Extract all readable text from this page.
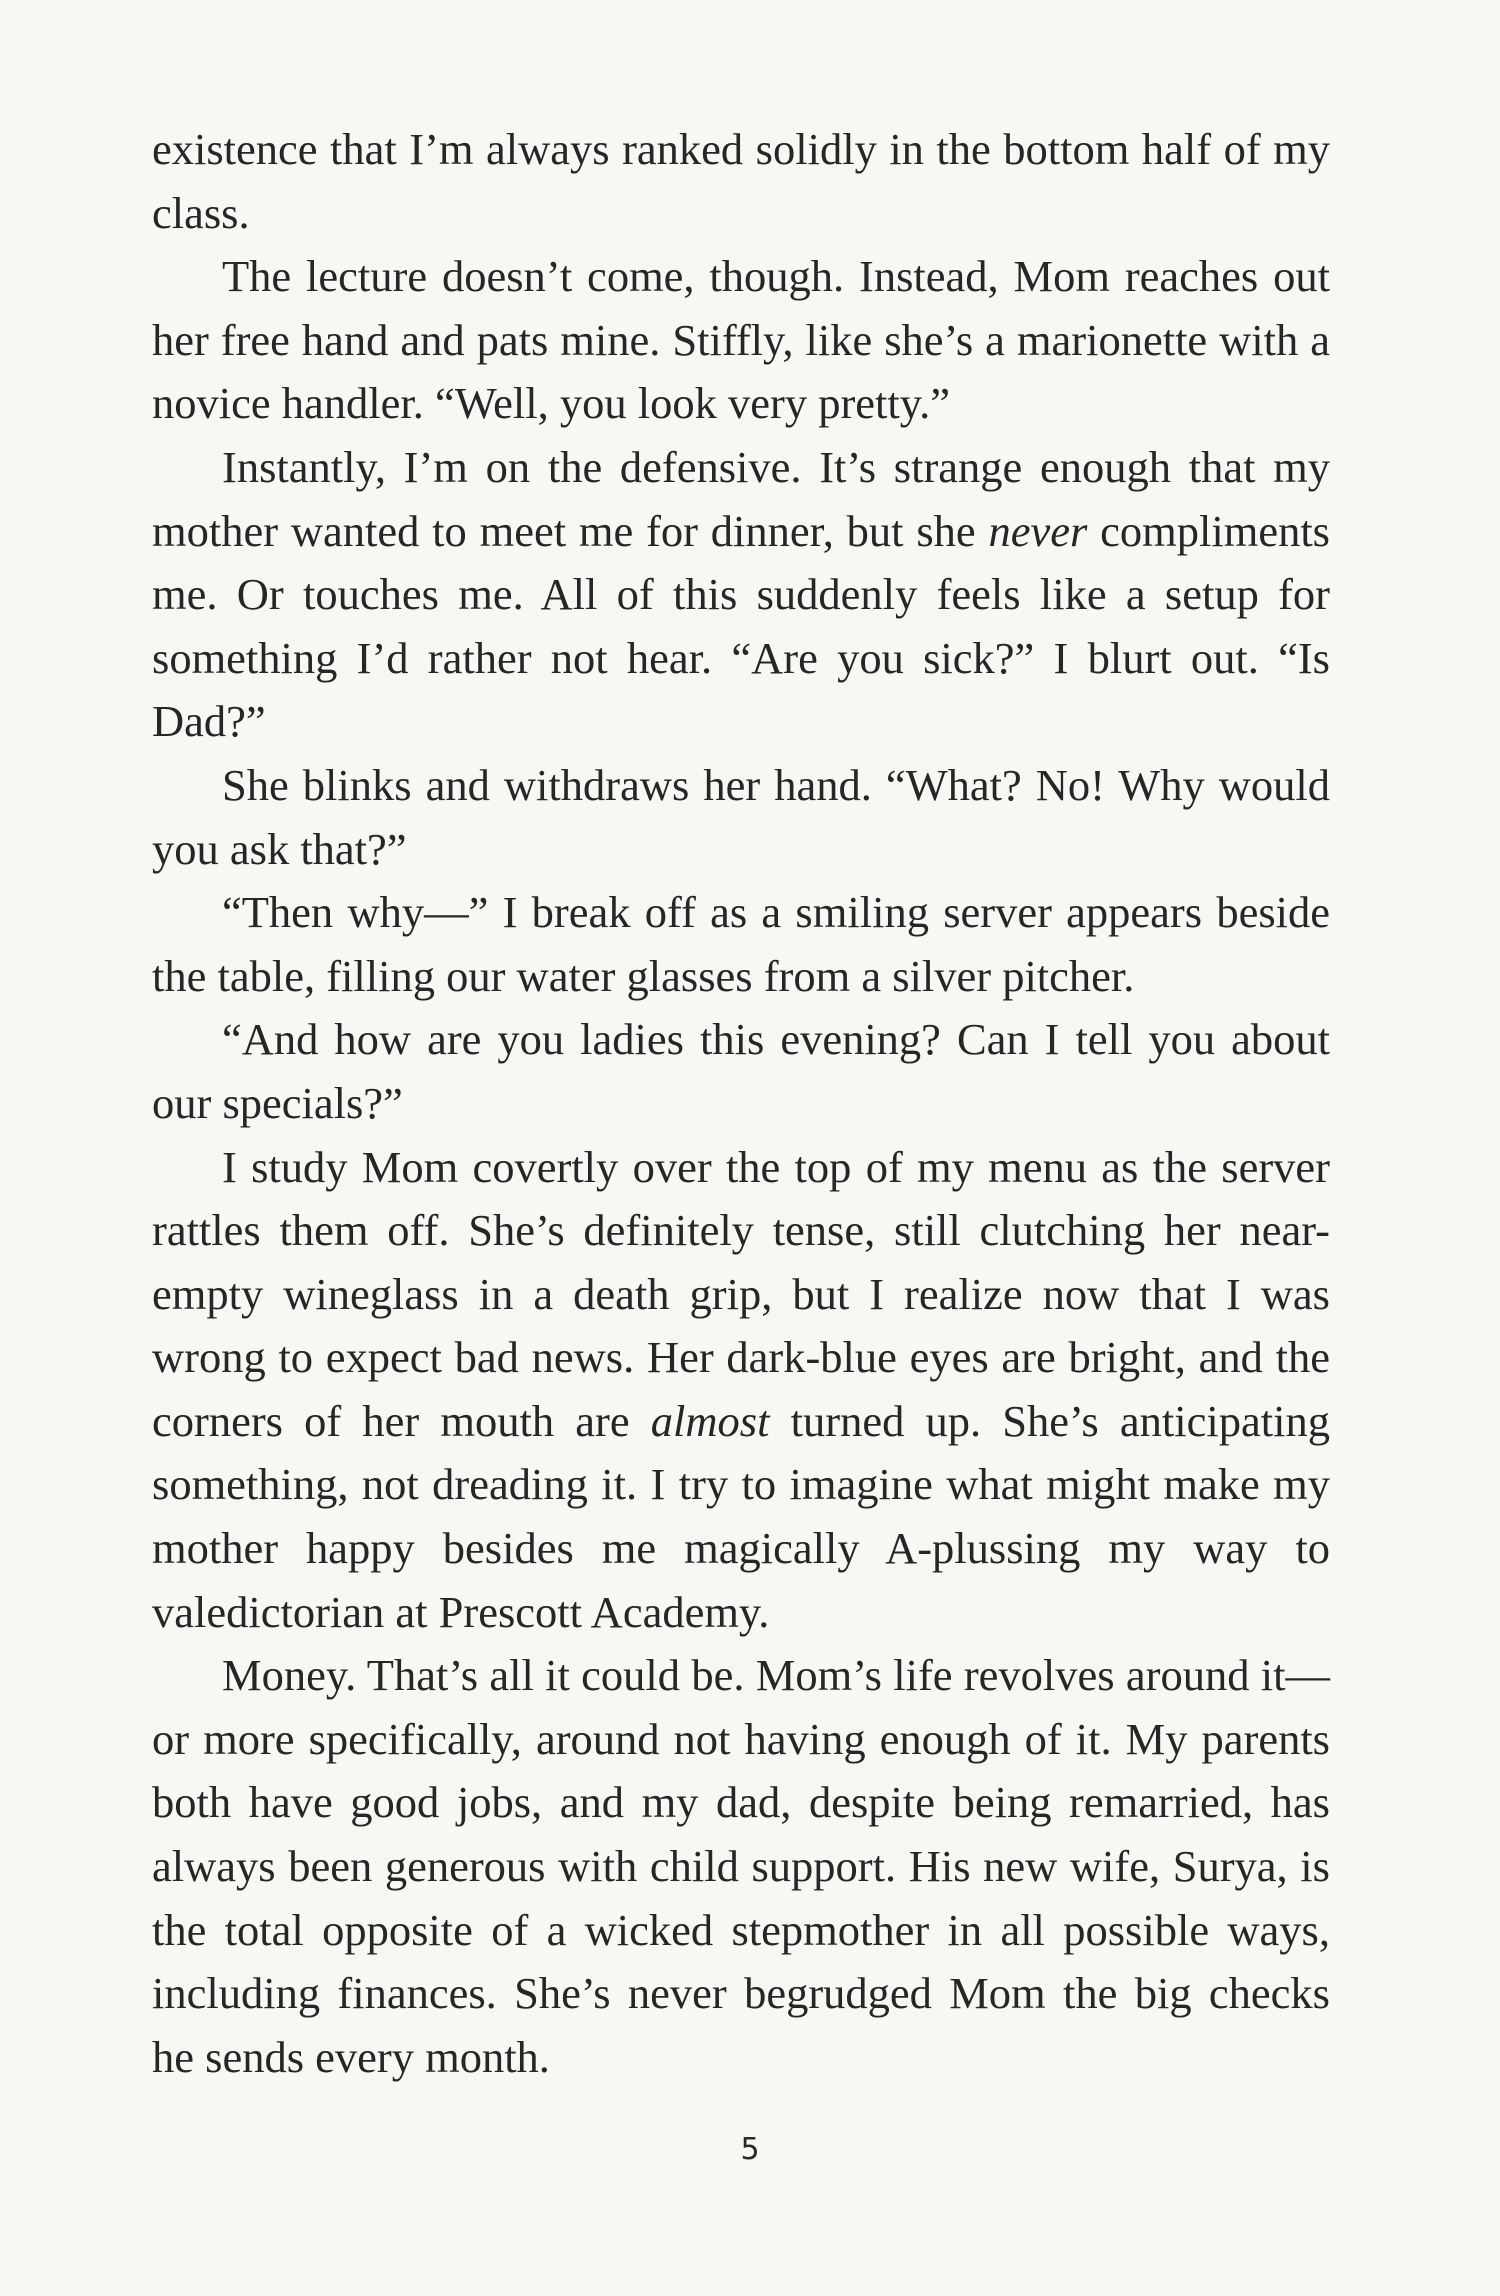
existence that I’m always ranked solidly in the bottom half of my class.

The lecture doesn’t come, though. Instead, Mom reaches out her free hand and pats mine. Stiffly, like she’s a marionette with a novice handler. “Well, you look very pretty.”

Instantly, I’m on the defensive. It’s strange enough that my mother wanted to meet me for dinner, but she never compliments me. Or touches me. All of this suddenly feels like a setup for something I’d rather not hear. “Are you sick?” I blurt out. “Is Dad?”

She blinks and withdraws her hand. “What? No! Why would you ask that?”

“Then why—” I break off as a smiling server appears beside the table, filling our water glasses from a silver pitcher.

“And how are you ladies this evening? Can I tell you about our specials?”

I study Mom covertly over the top of my menu as the server rattles them off. She’s definitely tense, still clutching her near-empty wineglass in a death grip, but I realize now that I was wrong to expect bad news. Her dark-blue eyes are bright, and the corners of her mouth are almost turned up. She’s anticipating something, not dreading it. I try to imagine what might make my mother happy besides me magically A-plussing my way to valedictorian at Prescott Academy.

Money. That’s all it could be. Mom’s life revolves around it—or more specifically, around not having enough of it. My parents both have good jobs, and my dad, despite being remarried, has always been generous with child support. His new wife, Surya, is the total opposite of a wicked stepmother in all possible ways, including finances. She’s never begrudged Mom the big checks he sends every month.

5
